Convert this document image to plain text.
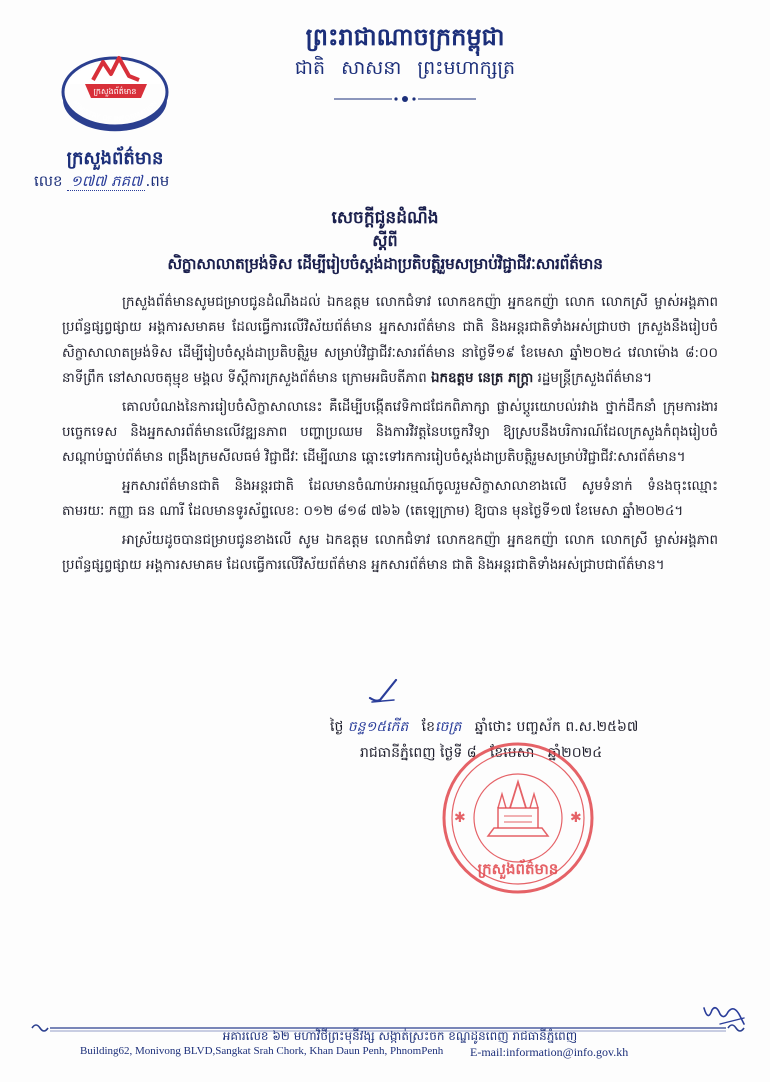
ព្រះរាជាណាចក្រកម្ពុជា
ជាតិ សាសនា ព្រះមហាក្សត្រ
ក្រសួងព័ត៌មាន
MINISTRY OF INFORMATION
ក្រសួងព័ត៌មាន
លេខ ១៧៧ ភគ៧ .ពម
សេចក្តីជូនដំណឹង
ស្តីពី
សិក្ខាសាលាតម្រង់ទិស ដើម្បីរៀបចំស្តង់ដាប្រតិបត្តិរួមសម្រាប់វិជ្ជាជីវៈសារព័ត៌មាន

ក្រសួងព័ត៌មានសូមជម្រាបជូនដំណឹងដល់ ឯកឧត្តម លោកជំទាវ លោកឧកញ៉ា អ្នកឧកញ៉ា លោក លោកស្រី ម្ចាស់អង្គភាពប្រព័ន្ធផ្សព្វផ្សាយ អង្គការសមាគម ដែលធ្វើការលើវិស័យព័ត៌មាន អ្នកសារព័ត៌មាន ជាតិ និងអន្តរជាតិទាំងអស់ជ្រាបថា ក្រសួងនឹងរៀបចំសិក្ខាសាលាតម្រង់ទិស ដើម្បីរៀបចំស្តង់ដាប្រតិបត្តិរួម សម្រាប់វិជ្ជាជីវៈសារព័ត៌មាន នាថ្ងៃទី១៩ ខែមេសា ឆ្នាំ២០២៤ វេលាម៉ោង ៨:០០ នាទីព្រឹក នៅសាលចតុម្មុខ មង្គល ទីស្តីការក្រសួងព័ត៌មាន ក្រោមអធិបតីភាព ឯកឧត្តម នេត្រ ភក្ត្រា រដ្ឋមន្ត្រីក្រសួងព័ត៌មាន។

គោលបំណងនៃការរៀបចំសិក្ខាសាលានេះ គឺដើម្បីបង្កើតវេទិកាជជែកពិភាក្សា ផ្លាស់ប្តូរយោបល់រវាង ថ្នាក់ដឹកនាំ ក្រុមការងារបច្ចេកទេស និងអ្នកសារព័ត៌មានលើវឌ្ឍនភាព បញ្ហាប្រឈម និងការវិវត្តនៃបច្ចេកវិទ្យា ឱ្យស្របនឹងបរិការណ៍ដែលក្រសួងកំពុងរៀបចំសណ្តាប់ធ្នាប់ព័ត៌មាន ពង្រឹងក្រមសីលធម៌ វិជ្ជាជីវៈ ដើម្បីឈាន ឆ្ពោះទៅរកការរៀបចំស្តង់ដាប្រតិបត្តិរួមសម្រាប់វិជ្ជាជីវៈសារព័ត៌មាន។

អ្នកសារព័ត៌មានជាតិ និងអន្តរជាតិ ដែលមានចំណាប់អារម្មណ៍ចូលរួមសិក្ខាសាលាខាងលើ សូមទំនាក់ ទំនងចុះឈ្មោះតាមរយៈ កញ្ញា ធន ណារី ដែលមានទូរស័ព្ទលេខ: ០១២ ៨១៨ ៧៦៦ (តេឡេក្រាម) ឱ្យបាន មុនថ្ងៃទី១៧ ខែមេសា ឆ្នាំ២០២៤។

អាស្រ័យដូចបានជម្រាបជូនខាងលើ សូម ឯកឧត្តម លោកជំទាវ លោកឧកញ៉ា អ្នកឧកញ៉ា លោក លោកស្រី ម្ចាស់អង្គភាពប្រព័ន្ធផ្សព្វផ្សាយ អង្គការសមាគម ដែលធ្វើការលើវិស័យព័ត៌មាន អ្នកសារព័ត៌មាន ជាតិ និងអន្តរជាតិទាំងអស់ជ្រាបជាព័ត៌មាន។

ថ្ងៃ ចន្ទ១៥កើត ខែចេត្រ ឆ្នាំថោះ បញ្ចស័ក ព.ស.២៥៦៧
រាជធានីភ្នំពេញ ថ្ងៃទី ៨ ខែមេសា ឆ្នាំ២០២៤
✱	✱
ក្រសួងព័ត៌មាន
អគារលេខ ៦២ មហាវិថីព្រះមុនីវង្ស សង្កាត់ស្រះចក ខណ្ឌដូនពេញ រាជធានីភ្នំពេញ
Building62, Monivong BLVD,Sangkat Srah Chork, Khan Daun Penh, PhnomPenh E-mail:information@info.gov.kh
